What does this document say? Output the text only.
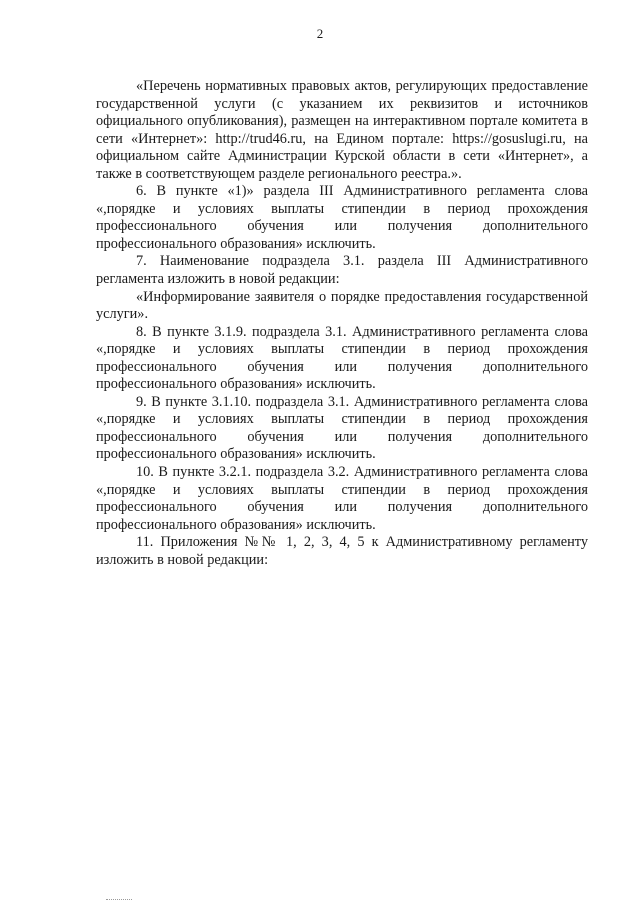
2

«Перечень нормативных правовых актов, регулирующих предоставление государственной услуги (с указанием их реквизитов и источников официального опубликования), размещен на интерактивном портале комитета в сети «Интернет»: http://trud46.ru, на Едином портале: https://gosuslugi.ru, на официальном сайте Администрации Курской области в сети «Интернет», а также в соответствующем разделе регионального реестра.».

6. В пункте «1)» раздела III Административного регламента слова «,порядке и условиях выплаты стипендии в период прохождения профессионального обучения или получения дополнительного профессионального образования» исключить.

7. Наименование подраздела 3.1. раздела III Административного регламента изложить в новой редакции:

«Информирование заявителя о порядке предоставления государственной услуги».

8. В пункте 3.1.9. подраздела 3.1. Административного регламента слова «,порядке и условиях выплаты стипендии в период прохождения профессионального обучения или получения дополнительного профессионального образования» исключить.

9. В пункте 3.1.10. подраздела 3.1. Административного регламента слова «,порядке и условиях выплаты стипендии в период прохождения профессионального обучения или получения дополнительного профессионального образования» исключить.

10. В пункте 3.2.1. подраздела 3.2. Административного регламента слова «,порядке и условиях выплаты стипендии в период прохождения профессионального обучения или получения дополнительного профессионального образования» исключить.

11. Приложения №№ 1, 2, 3, 4, 5 к Административному регламенту изложить в новой редакции:
